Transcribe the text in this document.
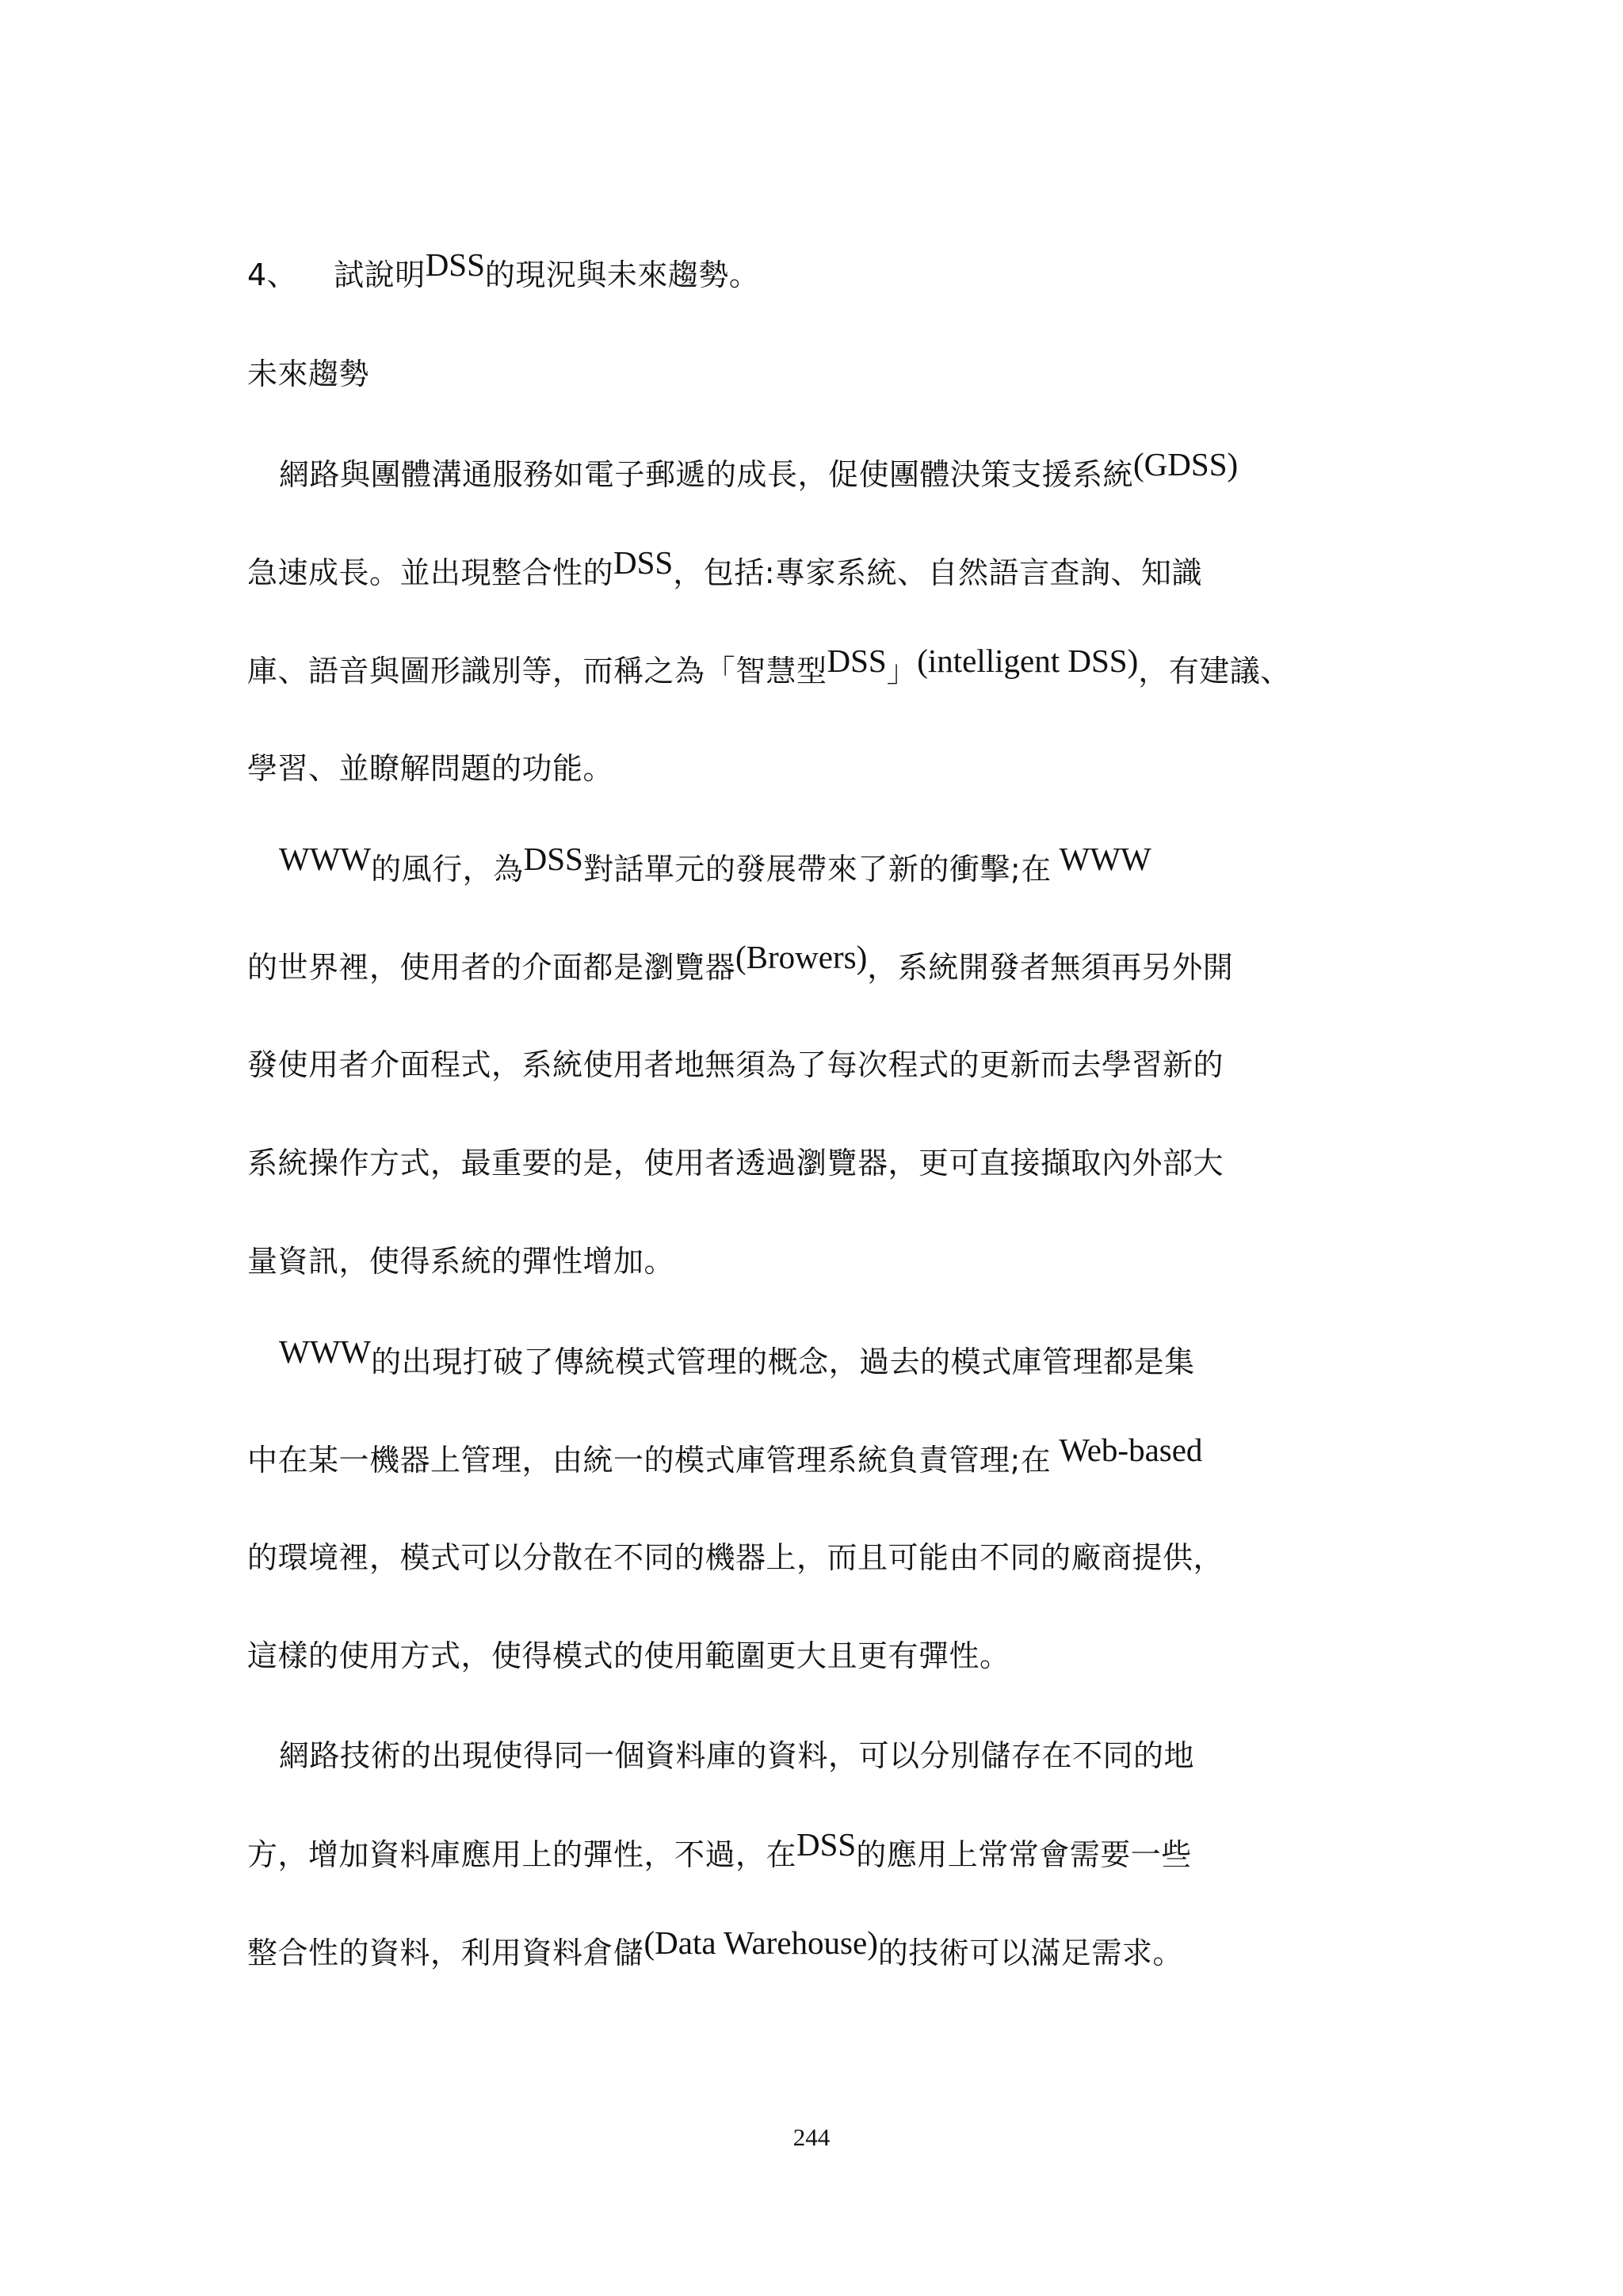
4、 試說明DSS的現況與未來趨勢。
未來趨勢
網路與團體溝通服務如電子郵遞的成長，促使團體決策支援系統(GDSS)
急速成長。並出現整合性的DSS，包括:專家系統、自然語言查詢、知識
庫、語音與圖形識別等，而稱之為「智慧型DSS」(intelligent DSS)，有建議、
學習、並瞭解問題的功能。
WWW的風行，為DSS對話單元的發展帶來了新的衝擊;在 WWW
的世界裡，使用者的介面都是瀏覽器(Browers)，系統開發者無須再另外開
發使用者介面程式，系統使用者地無須為了每次程式的更新而去學習新的
系統操作方式，最重要的是，使用者透過瀏覽器，更可直接擷取內外部大
量資訊，使得系統的彈性增加。
WWW的出現打破了傳統模式管理的概念，過去的模式庫管理都是集
中在某一機器上管理，由統一的模式庫管理系統負責管理;在 Web-based
的環境裡，模式可以分散在不同的機器上，而且可能由不同的廠商提供，
這樣的使用方式，使得模式的使用範圍更大且更有彈性。
網路技術的出現使得同一個資料庫的資料，可以分別儲存在不同的地
方，增加資料庫應用上的彈性，不過，在DSS的應用上常常會需要一些
整合性的資料，利用資料倉儲(Data Warehouse)的技術可以滿足需求。
244
